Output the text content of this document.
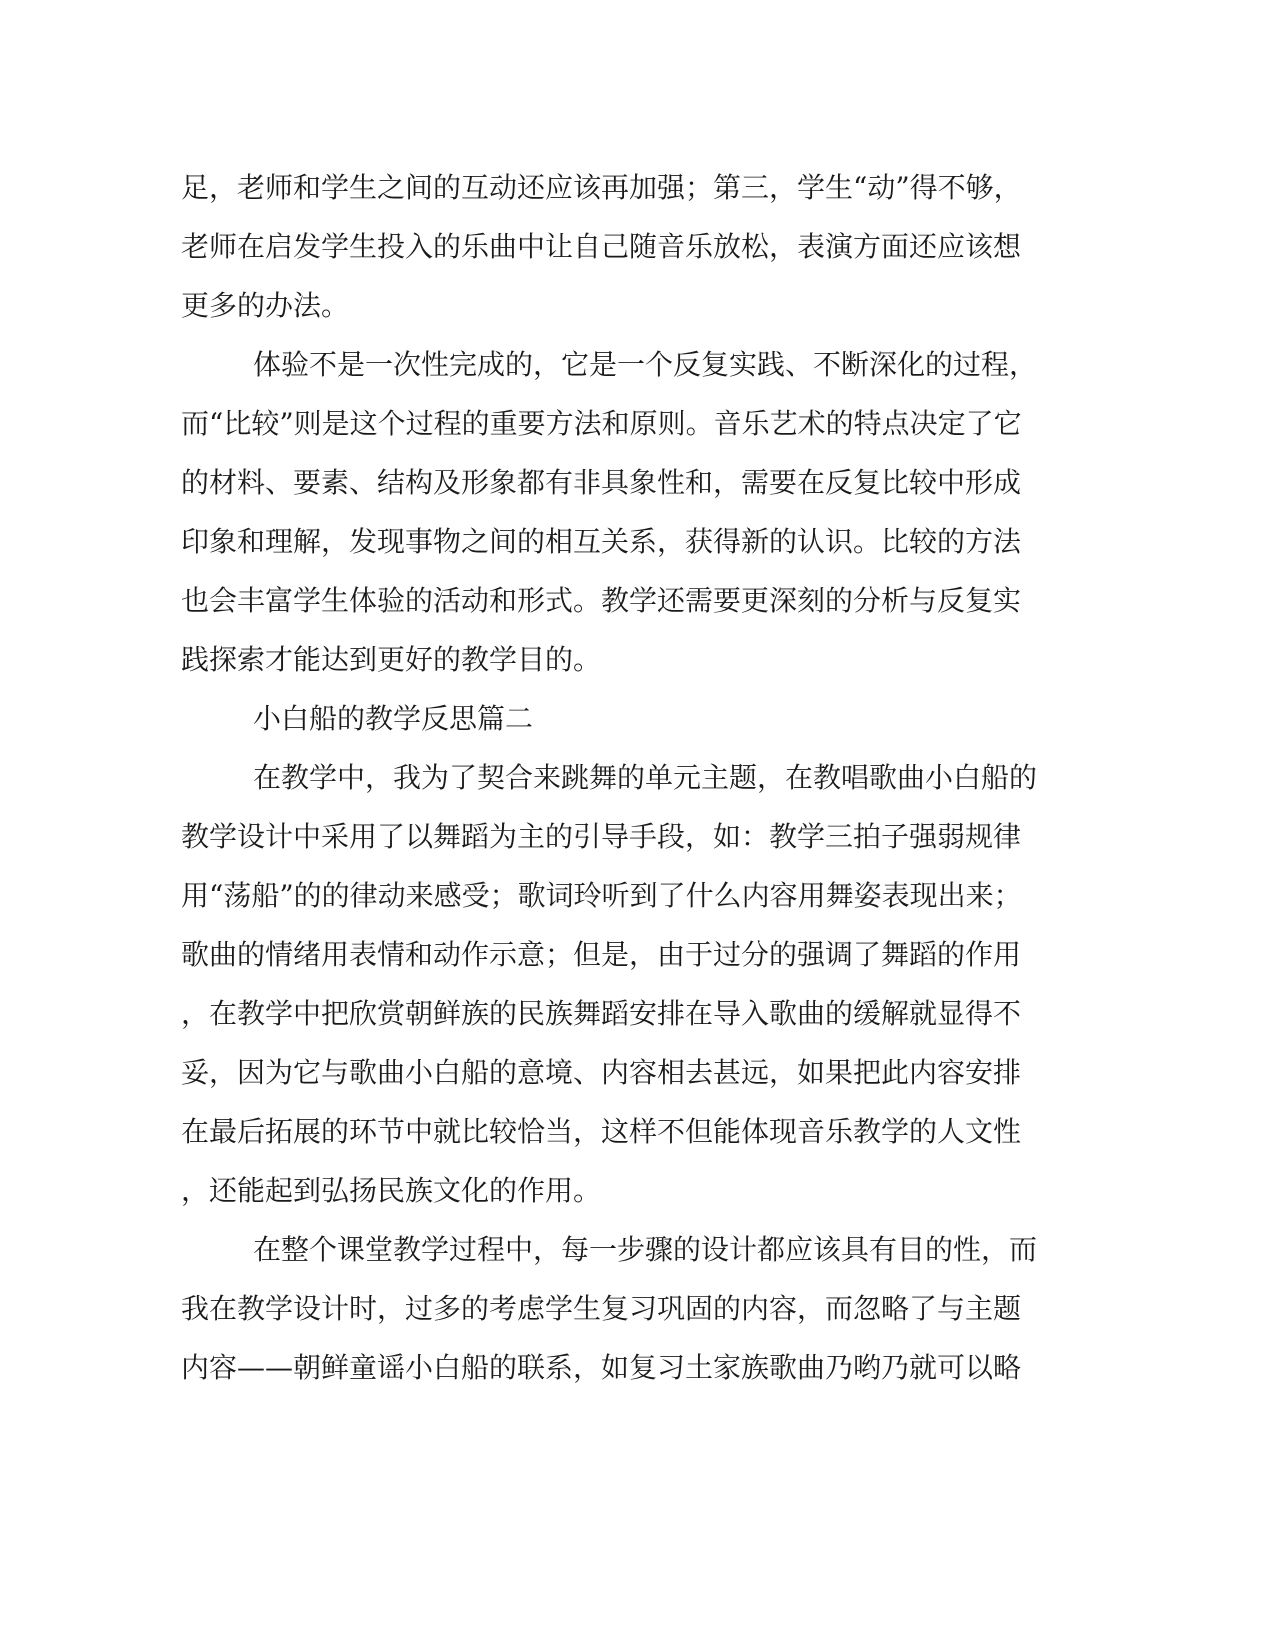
足，老师和学生之间的互动还应该再加强；第三，学生“动”得不够，
老师在启发学生投入的乐曲中让自己随音乐放松，表演方面还应该想
更多的办法。
体验不是一次性完成的，它是一个反复实践、不断深化的过程，
而“比较”则是这个过程的重要方法和原则。音乐艺术的特点决定了它
的材料、要素、结构及形象都有非具象性和，需要在反复比较中形成
印象和理解，发现事物之间的相互关系，获得新的认识。比较的方法
也会丰富学生体验的活动和形式。教学还需要更深刻的分析与反复实
践探索才能达到更好的教学目的。
小白船的教学反思篇二
在教学中，我为了契合来跳舞的单元主题，在教唱歌曲小白船的
教学设计中采用了以舞蹈为主的引导手段，如：教学三拍子强弱规律
用“荡船”的的律动来感受；歌词玲听到了什么内容用舞姿表现出来；
歌曲的情绪用表情和动作示意；但是，由于过分的强调了舞蹈的作用
，在教学中把欣赏朝鲜族的民族舞蹈安排在导入歌曲的缓解就显得不
妥，因为它与歌曲小白船的意境、内容相去甚远，如果把此内容安排
在最后拓展的环节中就比较恰当，这样不但能体现音乐教学的人文性
，还能起到弘扬民族文化的作用。
在整个课堂教学过程中，每一步骤的设计都应该具有目的性，而
我在教学设计时，过多的考虑学生复习巩固的内容，而忽略了与主题
内容——朝鲜童谣小白船的联系，如复习土家族歌曲乃哟乃就可以略
